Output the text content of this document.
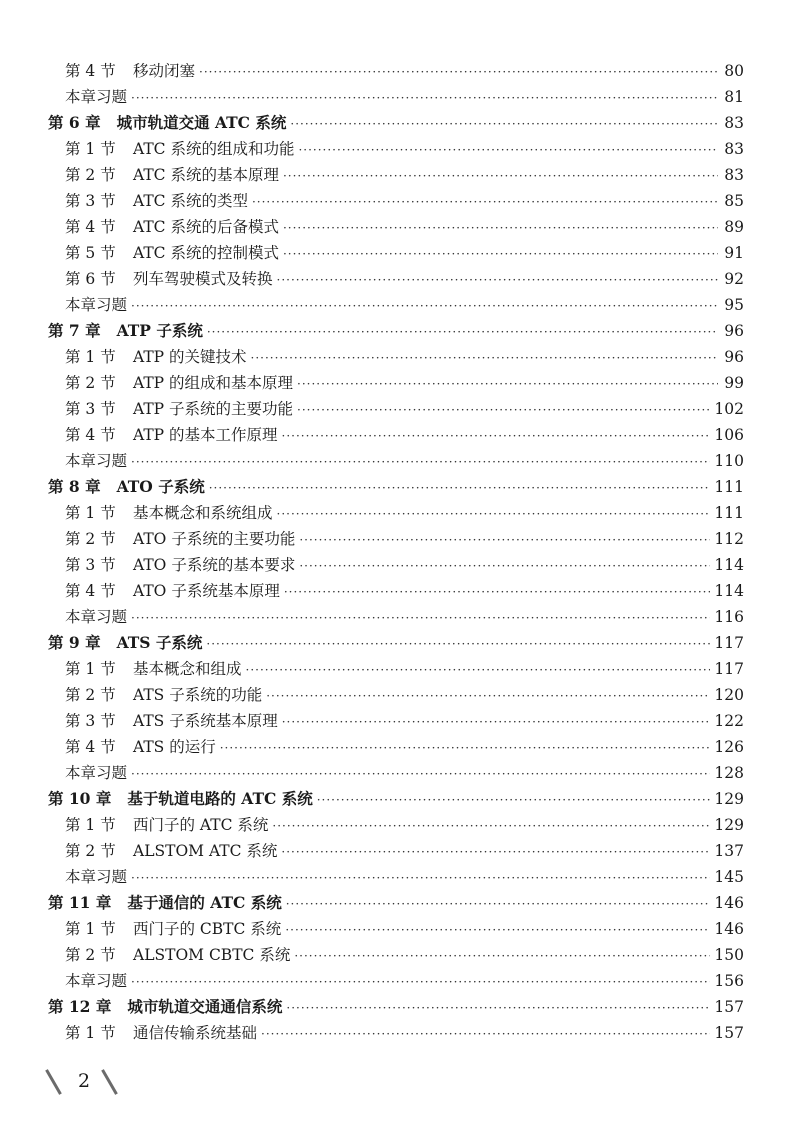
第 4 节	移动闭塞 ·····	80
本章习题 ·····	81
第 6 章 城市轨道交通 ATC 系统 ·····	83
第 1 节	ATC 系统的组成和功能 ·····	83
第 2 节	ATC 系统的基本原理 ·····	83
第 3 节	ATC 系统的类型 ·····	85
第 4 节	ATC 系统的后备模式 ·····	89
第 5 节	ATC 系统的控制模式 ·····	91
第 6 节	列车驾驶模式及转换 ·····	92
本章习题 ·····	95
第 7 章 ATP 子系统 ·····	96
第 1 节	ATP 的关键技术 ·····	96
第 2 节	ATP 的组成和基本原理 ·····	99
第 3 节	ATP 子系统的主要功能 ·····	102
第 4 节	ATP 的基本工作原理 ·····	106
本章习题 ·····	110
第 8 章 ATO 子系统 ·····	111
第 1 节	基本概念和系统组成 ·····	111
第 2 节	ATO 子系统的主要功能 ·····	112
第 3 节	ATO 子系统的基本要求 ·····	114
第 4 节	ATO 子系统基本原理 ·····	114
本章习题 ·····	116
第 9 章 ATS 子系统 ·····	117
第 1 节	基本概念和组成 ·····	117
第 2 节	ATS 子系统的功能 ·····	120
第 3 节	ATS 子系统基本原理 ·····	122
第 4 节	ATS 的运行 ·····	126
本章习题 ·····	128
第 10 章 基于轨道电路的 ATC 系统 ·····	129
第 1 节	西门子的 ATC 系统 ·····	129
第 2 节	ALSTOM ATC 系统 ·····	137
本章习题 ·····	145
第 11 章 基于通信的 ATC 系统 ·····	146
第 1 节	西门子的 CBTC 系统 ·····	146
第 2 节	ALSTOM CBTC 系统 ·····	150
本章习题 ·····	156
第 12 章 城市轨道交通通信系统 ·····	157
第 1 节	通信传输系统基础 ·····	157
2
